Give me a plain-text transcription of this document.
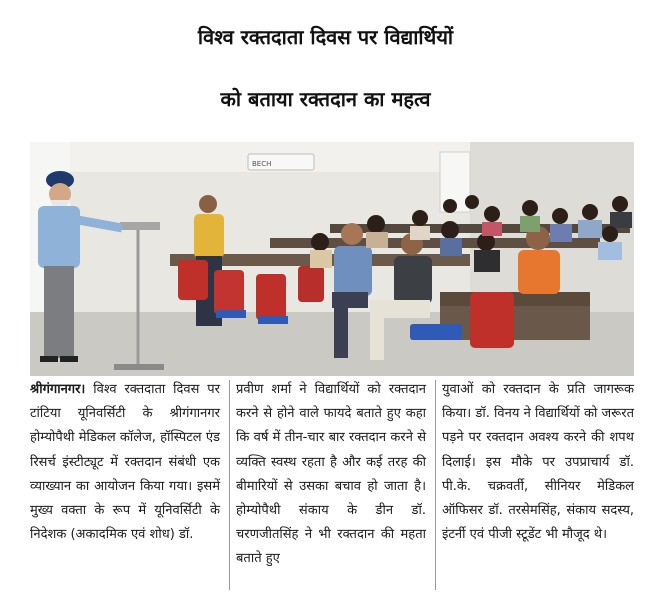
विश्व रक्तदाता दिवस पर विद्यार्थियों
को बताया रक्तदान का महत्व
BECH
श्रीगंगानगर। विश्व रक्तदाता दिवस पर टांटिया यूनिवर्सिटी के श्रीगंगानगर होम्योपैथी मेडिकल कॉलेज, हॉस्पिटल एंड रिसर्च इंस्टीट्यूट में रक्तदान संबंधी एक व्याख्यान का आयोजन किया गया। इसमें मुख्य वक्ता के रूप में यूनिवर्सिटी के निदेशक (अकादमिक एवं शोध) डॉ.
प्रवीण शर्मा ने विद्यार्थियों को रक्तदान करने से होने वाले फायदे बताते हुए कहा कि वर्ष में तीन-चार बार रक्तदान करने से व्यक्ति स्वस्थ रहता है और कई तरह की बीमारियों से उसका बचाव हो जाता है। होम्योपैथी संकाय के डीन डॉ. चरणजीतसिंह ने भी रक्तदान की महता बताते हुए
युवाओं को रक्तदान के प्रति जागरूक किया। डॉ. विनय ने विद्यार्थियों को जरूरत पड़ने पर रक्तदान अवश्य करने की शपथ दिलाई। इस मौके पर उपप्राचार्य डॉ. पी.के. चक्रवर्ती, सीनियर मेडिकल ऑफिसर डॉ. तरसेमसिंह, संकाय सदस्य, इंटर्नी एवं पीजी स्टूडेंट भी मौजूद थे।
